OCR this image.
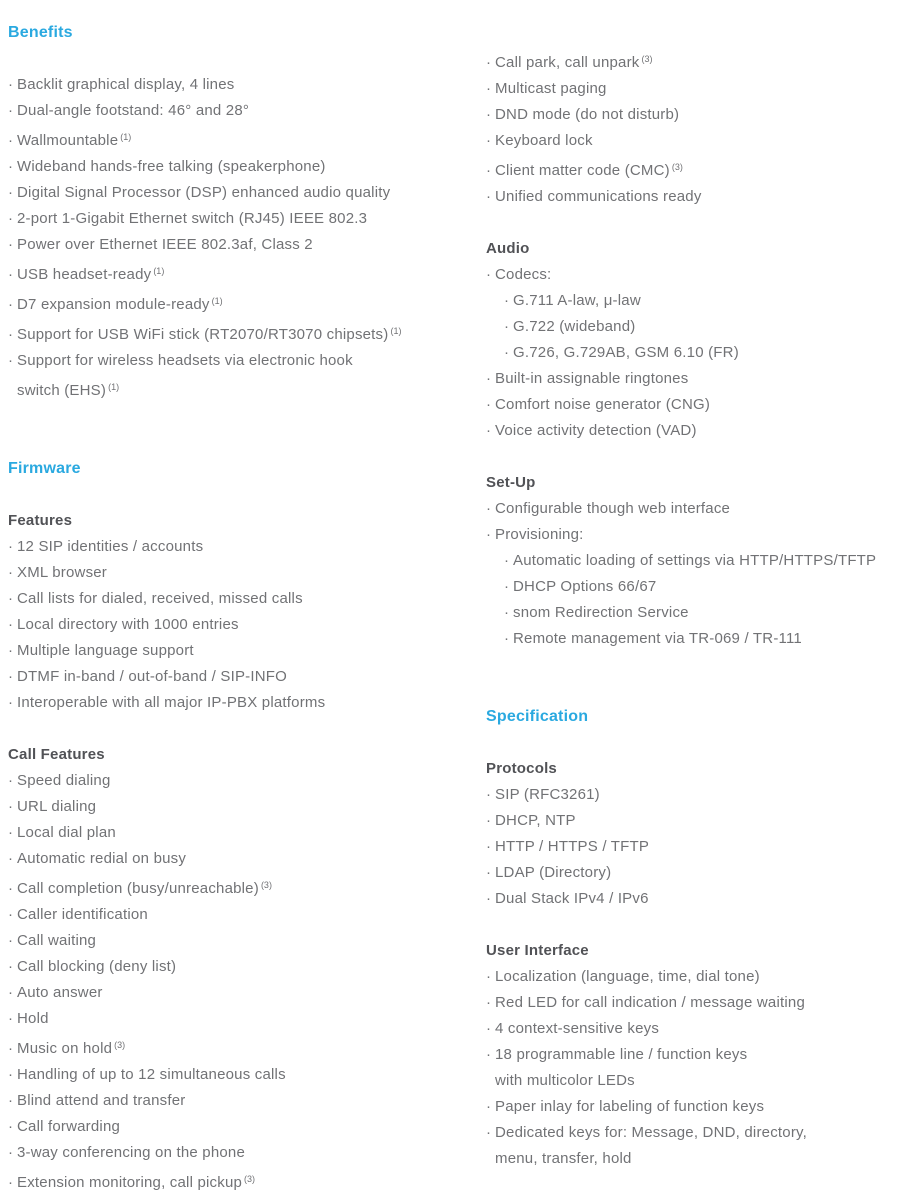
Benefits
· Backlit graphical display, 4 lines
· Dual-angle footstand: 46° and 28°
· Wallmountable $^{(1)}$
· Wideband hands-free talking (speakerphone)
· Digital Signal Processor (DSP) enhanced audio quality
· 2-port 1-Gigabit Ethernet switch (RJ45) IEEE 802.3
· Power over Ethernet IEEE 802.3af, Class 2
· USB headset-ready $^{(1)}$
· D7 expansion module-ready $^{(1)}$
· Support for USB WiFi stick (RT2070/RT3070 chipsets) $^{(1)}$
· Support for wireless headsets via electronic hook
switch (EHS) $^{(1)}$
Firmware
Features
· 12 SIP identities / accounts
· XML browser
· Call lists for dialed, received, missed calls
· Local directory with 1000 entries
· Multiple language support
· DTMF in-band / out-of-band / SIP-INFO
· Interoperable with all major IP-PBX platforms
Call Features
· Speed dialing
· URL dialing
· Local dial plan
· Automatic redial on busy
· Call completion (busy/unreachable) $^{(3)}$
· Caller identification
· Call waiting
· Call blocking (deny list)
· Auto answer
· Hold
· Music on hold $^{(3)}$
· Handling of up to 12 simultaneous calls
· Blind attend and transfer
· Call forwarding
· 3-way conferencing on the phone
· Extension monitoring, call pickup $^{(3)}$
· Call park, call unpark $^{(3)}$
· Multicast paging
· DND mode (do not disturb)
· Keyboard lock
· Client matter code (CMC) $^{(3)}$
· Unified communications ready
Audio
· Codecs:
· G.711 A-law, μ-law
· G.722 (wideband)
· G.726, G.729AB, GSM 6.10 (FR)
· Built-in assignable ringtones
· Comfort noise generator (CNG)
· Voice activity detection (VAD)
Set-Up
· Configurable though web interface
· Provisioning:
· Automatic loading of settings via HTTP/HTTPS/TFTP
· DHCP Options 66/67
· snom Redirection Service
· Remote management via TR-069 / TR-111
Specification
Protocols
· SIP (RFC3261)
· DHCP, NTP
· HTTP / HTTPS / TFTP
· LDAP (Directory)
· Dual Stack IPv4 / IPv6
User Interface
· Localization (language, time, dial tone)
· Red LED for call indication / message waiting
· 4 context-sensitive keys
· 18 programmable line / function keys
with multicolor LEDs
· Paper inlay for labeling of function keys
· Dedicated keys for: Message, DND, directory,
menu, transfer, hold
